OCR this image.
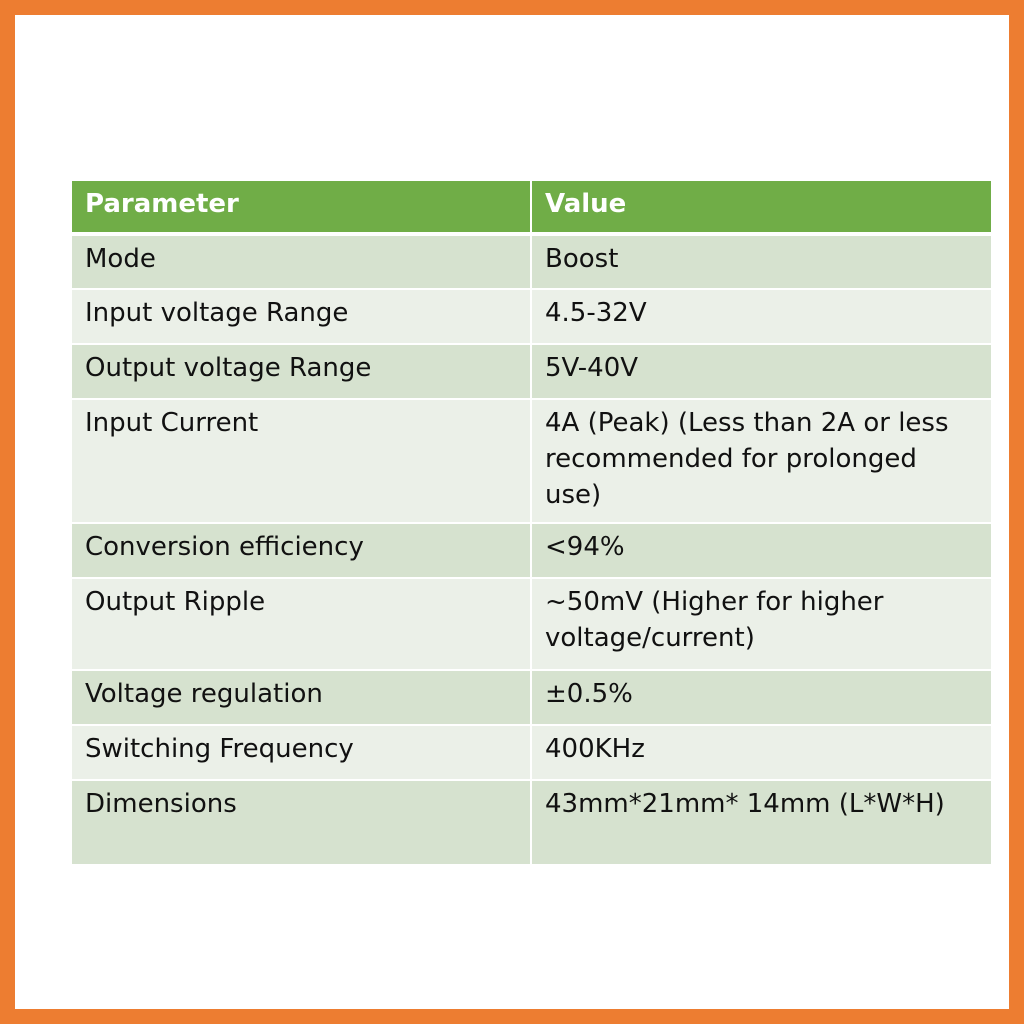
Parameter	Value
Mode	Boost
Input voltage Range	4.5-32V
Output voltage Range	5V-40V
Input Current	4A (Peak) (Less than 2A or less recommended for prolonged use)
Conversion efficiency	<94%
Output Ripple	~50mV (Higher for higher voltage/current)
Voltage regulation	±0.5%
Switching Frequency	400KHz
Dimensions	43mm*21mm* 14mm (L*W*H)
